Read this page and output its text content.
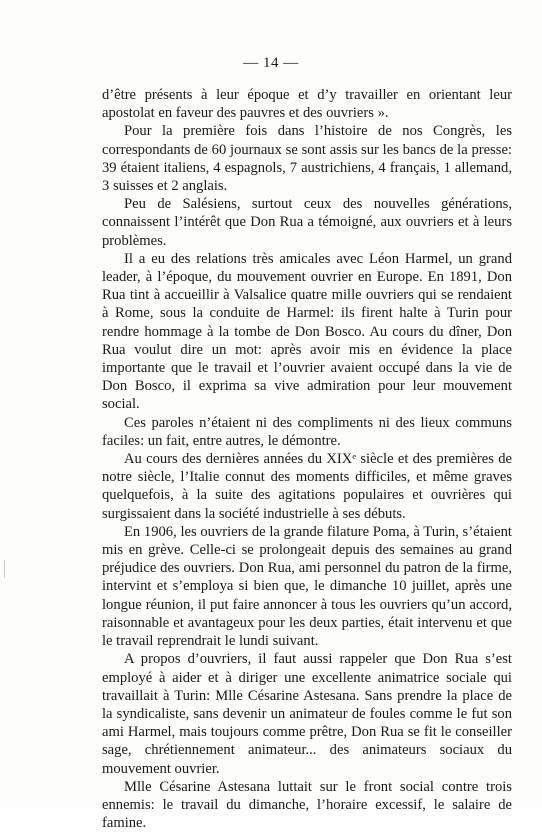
— 14 —

d’être présents à leur époque et d’y travailler en orientant leur apostolat en faveur des pauvres et des ouvriers ».

Pour la première fois dans l’histoire de nos Congrès, les correspondants de 60 journaux se sont assis sur les bancs de la presse: 39 étaient italiens, 4 espagnols, 7 austrichiens, 4 français, 1 allemand, 3 suisses et 2 anglais.

Peu de Salésiens, surtout ceux des nouvelles générations, connaissent l’intérêt que Don Rua a témoigné, aux ouvriers et à leurs problèmes.

Il a eu des relations très amicales avec Léon Harmel, un grand leader, à l’époque, du mouvement ouvrier en Europe. En 1891, Don Rua tint à accueillir à Valsalice quatre mille ouvriers qui se rendaient à Rome, sous la conduite de Harmel: ils firent halte à Turin pour rendre hommage à la tombe de Don Bosco. Au cours du dîner, Don Rua voulut dire un mot: après avoir mis en évidence la place importante que le travail et l’ouvrier avaient occupé dans la vie de Don Bosco, il exprima sa vive admiration pour leur mouvement social.

Ces paroles n’étaient ni des compliments ni des lieux communs faciles: un fait, entre autres, le démontre.

Au cours des dernières années du XIXᵉ siècle et des premières de notre siècle, l’Italie connut des moments difficiles, et même graves quelquefois, à la suite des agitations populaires et ouvrières qui surgissaient dans la société industrielle à ses débuts.

En 1906, les ouvriers de la grande filature Poma, à Turin, s’étaient mis en grève. Celle-ci se prolongeait depuis des semaines au grand préjudice des ouvriers. Don Rua, ami personnel du patron de la firme, intervint et s’employa si bien que, le dimanche 10 juillet, après une longue réunion, il put faire annoncer à tous les ouvriers qu’un accord, raisonnable et avantageux pour les deux parties, était intervenu et que le travail reprendrait le lundi suivant.

A propos d’ouvriers, il faut aussi rappeler que Don Rua s’est employé à aider et à diriger une excellente animatrice sociale qui travaillait à Turin: Mlle Césarine Astesana. Sans prendre la place de la syndicaliste, sans devenir un animateur de foules comme le fut son ami Harmel, mais toujours comme prêtre, Don Rua se fit le conseiller sage, chrétiennement animateur... des animateurs sociaux du mouvement ouvrier.

Mlle Césarine Astesana luttait sur le front social contre trois ennemis: le travail du dimanche, l’horaire excessif, le salaire de famine.
